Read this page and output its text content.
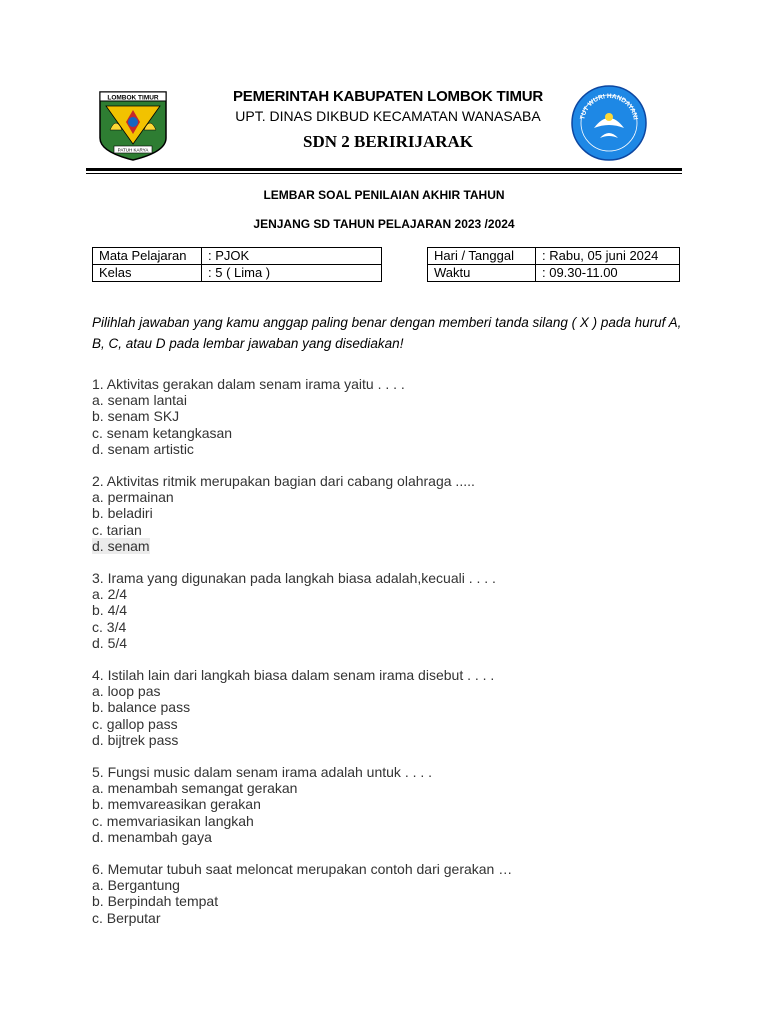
LOMBOK TIMUR
PATUH KARYA
PEMERINTAH KABUPATEN LOMBOK TIMUR
UPT. DINAS DIKBUD KECAMATAN WANASABA
SDN 2 BERIRIJARAK
TUT WURI HANDAYANI
LEMBAR SOAL PENILAIAN AKHIR TAHUN
JENJANG SD TAHUN PELAJARAN 2023 /2024
Mata Pelajaran	: PJOK
Kelas	: 5 ( Lima )
Hari / Tanggal	: Rabu, 05 juni 2024
Waktu	: 09.30-11.00
Pilihlah jawaban yang kamu anggap paling benar dengan memberi tanda silang ( X ) pada huruf A, B, C, atau D pada lembar jawaban yang disediakan!
1. Aktivitas gerakan dalam senam irama yaitu . . . .
a. senam lantai
b. senam SKJ
c. senam ketangkasan
d. senam artistic
2. Aktivitas ritmik merupakan bagian dari cabang olahraga .....
a. permainan
b. beladiri
c. tarian
d. senam
3. Irama yang digunakan pada langkah biasa adalah,kecuali . . . .
a. 2/4
b. 4/4
c. 3/4
d. 5/4
4. Istilah lain dari langkah biasa dalam senam irama disebut . . . .
a. loop pas
b. balance pass
c. gallop pass
d. bijtrek pass
5. Fungsi music dalam senam irama adalah untuk . . . .
a. menambah semangat gerakan
b. memvareasikan gerakan
c. memvariasikan langkah
d. menambah gaya
6. Memutar tubuh saat meloncat merupakan contoh dari gerakan …
a. Bergantung
b. Berpindah tempat
c. Berputar
